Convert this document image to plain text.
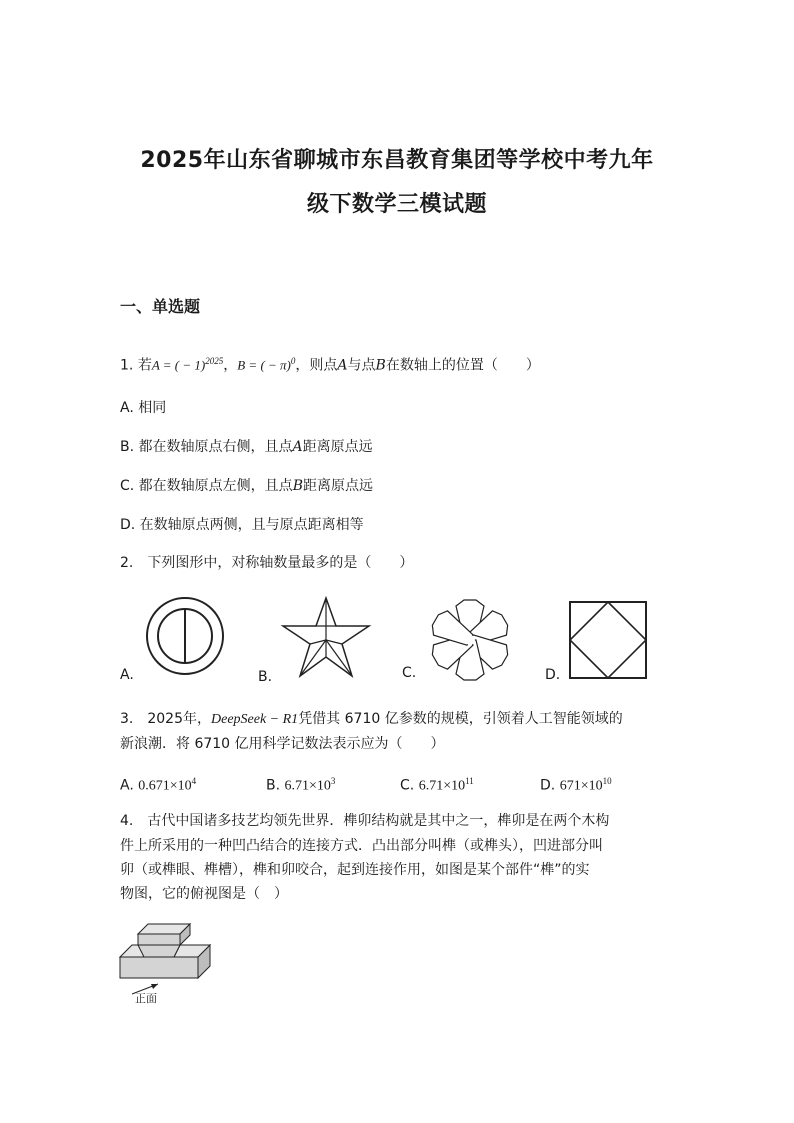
2025年山东省聊城市东昌教育集团等学校中考九年
级下数学三模试题
一、单选题
1. 若A = ( − 1)$^{2025}$，B = ( − π)$^0$，则点A与点B在数轴上的位置（　　）
A. 相同
B. 都在数轴原点右侧，且点A距离原点远
C. 都在数轴原点左侧，且点B距离原点远
D. 在数轴原点两侧，且与原点距离相等
2.　下列图形中，对称轴数量最多的是（　　）
A.	B.	C.	D.
3.　2025年，DeepSeek − R1凭借其 6710 亿参数的规模，引领着人工智能领域的
新浪潮．将 6710 亿用科学记数法表示应为（　　）
A. $0.671\times 10^4$	B. $6.71\times 10^3$	C. $6.71\times 10^{11}$	D. $671\times 10^{10}$
4.　古代中国诸多技艺均领先世界．榫卯结构就是其中之一，榫卯是在两个木构
件上所采用的一种凹凸结合的连接方式．凸出部分叫榫（或榫头），凹进部分叫
卯（或榫眼、榫槽），榫和卯咬合，起到连接作用，如图是某个部件“榫”的实
物图，它的俯视图是（　）
正面
